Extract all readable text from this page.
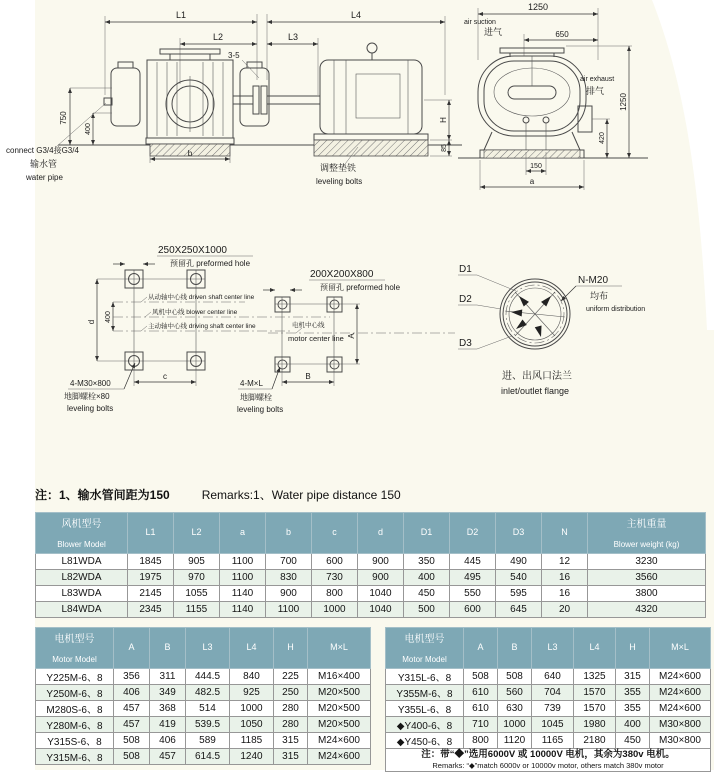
L1	L4
L2	L3
3-5
750
400
connect G3/4接G3/4
输水管
water pipe
b
H
85
调整垫铁
leveling bolts
1250
air suction
进气	650
air exhaust
排气
1250
420
150
a
250X250X1000
预留孔 preformed hole
d 400
从动轴中心线 driven shaft center line
风机中心线 blower center line
主动轴中心线 driving shaft center line
c
4-M30×800
地脚螺栓×80
leveling bolts
200X200X800
预留孔 preformed hole
电机中心线
motor center line A
B
4-M×L
地脚螺栓
leveling bolts
D1
D2
D3
N-M20
均布
uniform distribution
进、出风口法兰
inlet/outlet flange
注：1、输水管间距为150	Remarks:1、Water pipe distance 150
风机型号
Blower Model	L1	L2	a	b	c	d	D1	D2	D3	N	主机重量
Blower weight (kg)
L81WDA	1845	905	1100	700	600	900	350	445	490	12	3230
L82WDA	1975	970	1100	830	730	900	400	495	540	16	3560
L83WDA	2145	1055	1140	900	800	1040	450	550	595	16	3800
L84WDA	2345	1155	1140	1100	1000	1040	500	600	645	20	4320
电机型号
Motor Model	A	B	L3	L4	H	M×L
Y225M-6、8	356	311	444.5	840	225	M16×400
Y250M-6、8	406	349	482.5	925	250	M20×500
M280S-6、8	457	368	514	1000	280	M20×500
Y280M-6、8	457	419	539.5	1050	280	M20×500
Y315S-6、8	508	406	589	1185	315	M24×600
Y315M-6、8	508	457	614.5	1240	315	M24×600
电机型号
Motor Model	A	B	L3	L4	H	M×L
Y315L-6、8	508	508	640	1325	315	M24×600
Y355M-6、8	610	560	704	1570	355	M24×600
Y355L-6、8	610	630	739	1570	355	M24×600
◆Y400-6、8	710	1000	1045	1980	400	M30×800
◆Y450-6、8	800	1120	1165	2180	450	M30×800

注：带“◆”选用6000V 或 10000V 电机，其余为380v 电机。
Remarks: “◆”match 6000v or 10000v motor, others match 380v motor						
